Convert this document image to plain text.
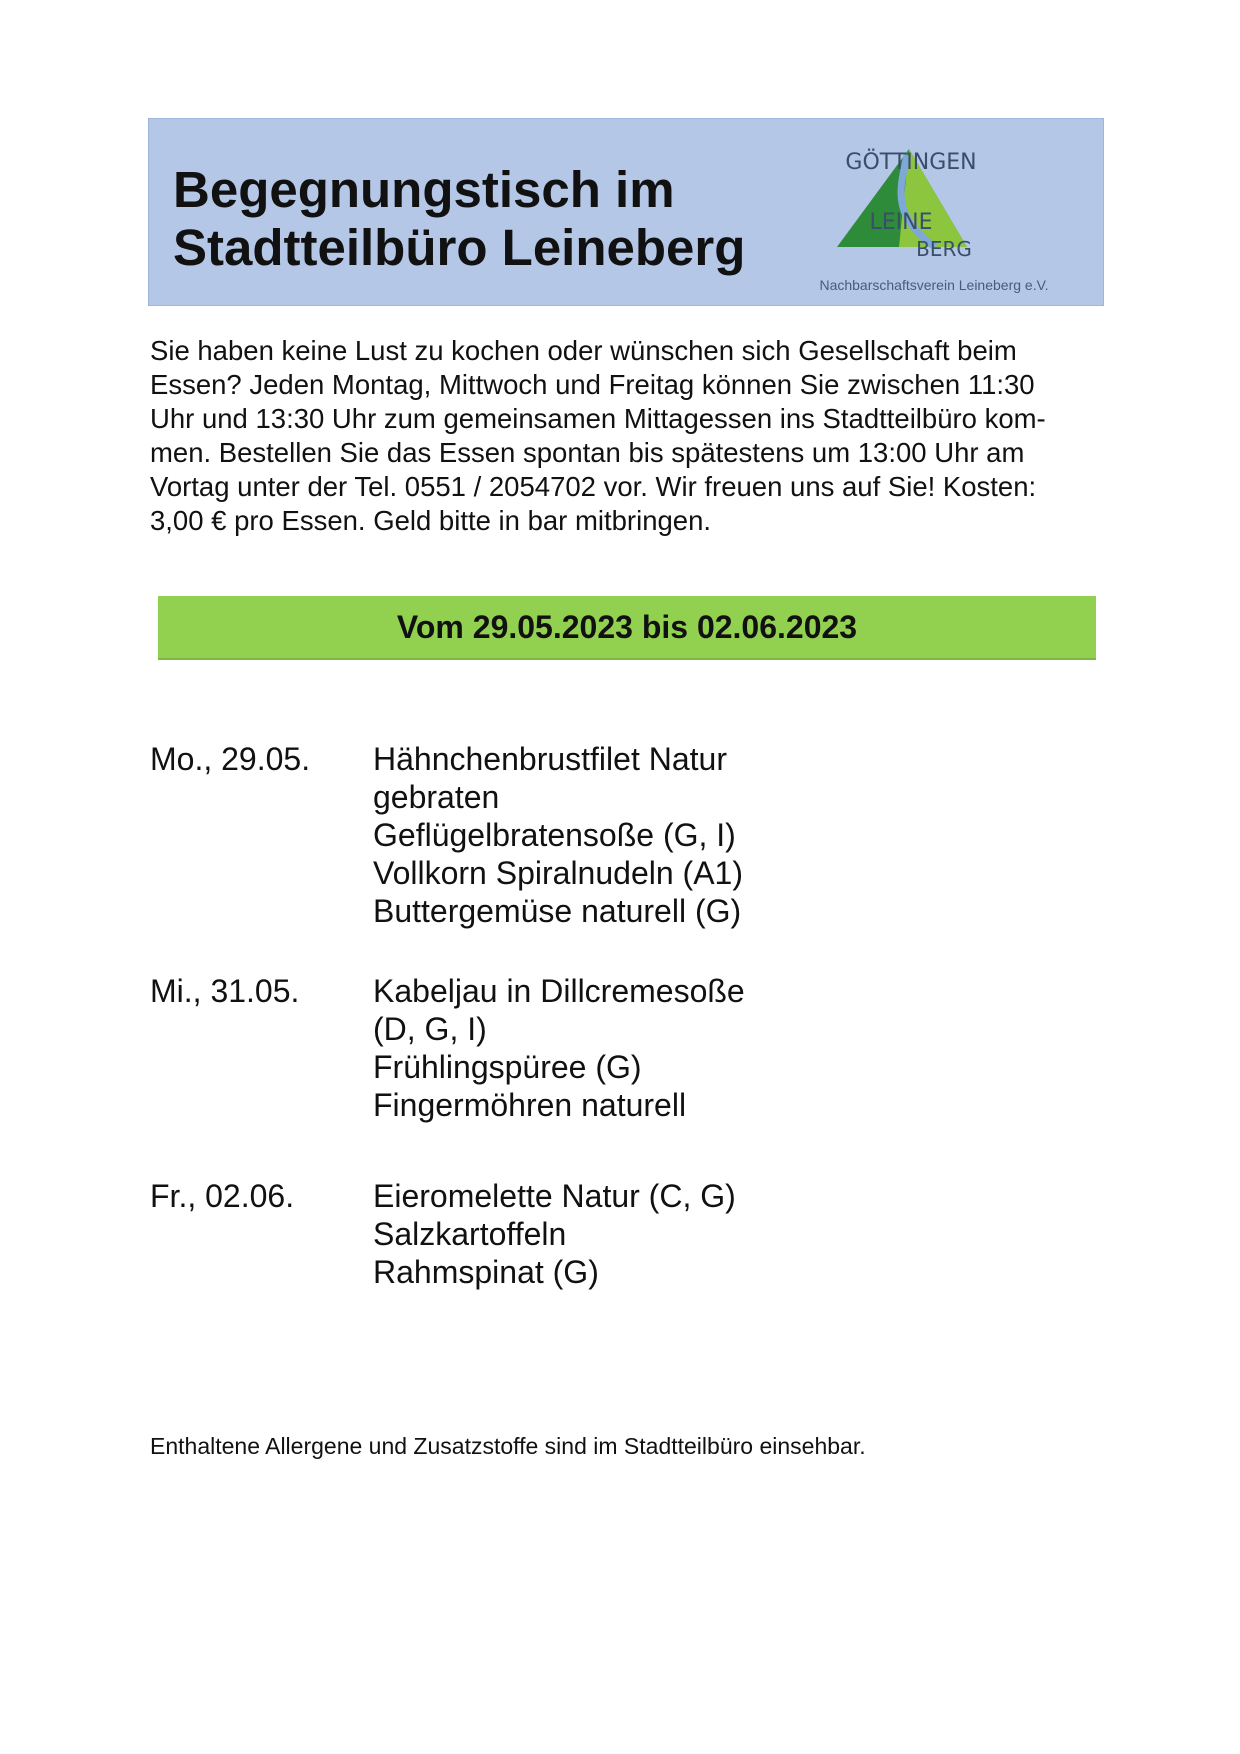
Begegnungstisch im
Stadtteilbüro Leineberg
GÖTTINGEN
LEINE
BERG
Nachbarschaftsverein Leineberg e.V.

Sie haben keine Lust zu kochen oder wünschen sich Gesellschaft beim
Essen? Jeden Montag, Mittwoch und Freitag können Sie zwischen 11:30
Uhr und 13:30 Uhr zum gemeinsamen Mittagessen ins Stadtteilbüro kom-
men. Bestellen Sie das Essen spontan bis spätestens um 13:00 Uhr am
Vortag unter der Tel. 0551 / 2054702 vor. Wir freuen uns auf Sie! Kosten:
3,00 € pro Essen. Geld bitte in bar mitbringen.

Vom 29.05.2023 bis 02.06.2023
Mo., 29.05. Hähnchenbrustfilet Natur
gebraten
Geflügelbratensoße (G, I)
Vollkorn Spiralnudeln (A1)
Buttergemüse naturell (G)
Mi., 31.05. Kabeljau in Dillcremesoße
(D, G, I)
Frühlingspüree (G)
Fingermöhren naturell
Fr., 02.06. Eieromelette Natur (C, G)
Salzkartoffeln
Rahmspinat (G)
Enthaltene Allergene und Zusatzstoffe sind im Stadtteilbüro einsehbar.
